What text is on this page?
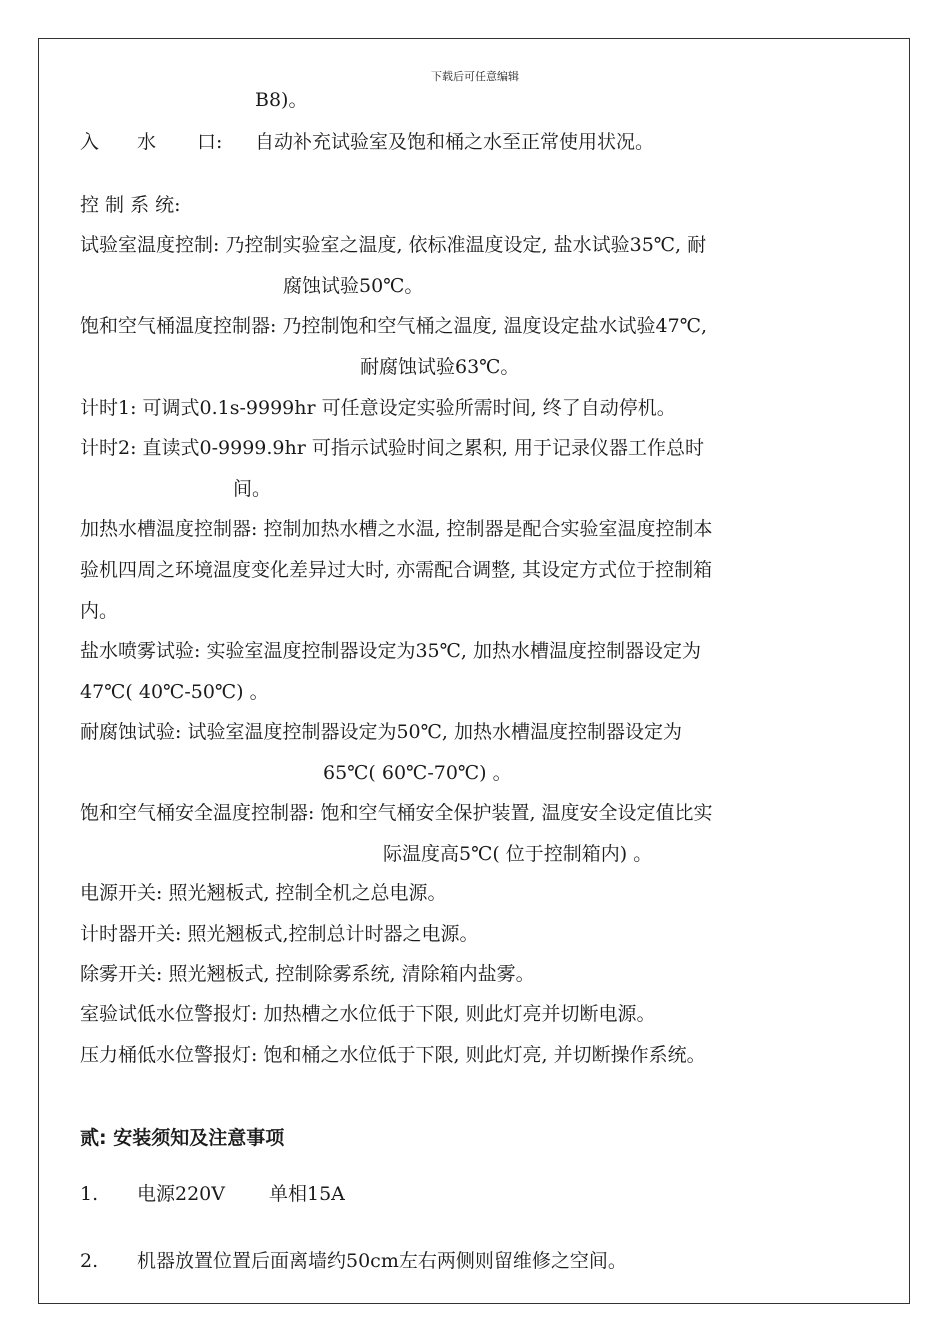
下载后可任意编辑
B8)。
入 水 口: 自动补充试验室及饱和桶之水至正常使用状况。
控 制 系 统:
试验室温度控制: 乃控制实验室之温度, 依标准温度设定, 盐水试验35℃, 耐
腐蚀试验50℃。
饱和空气桶温度控制器: 乃控制饱和空气桶之温度, 温度设定盐水试验47℃,
耐腐蚀试验63℃。
计时1: 可调式0.1s-9999hr 可任意设定实验所需时间, 终了自动停机。
计时2: 直读式0-9999.9hr 可指示试验时间之累积, 用于记录仪器工作总时
间。
加热水槽温度控制器: 控制加热水槽之水温, 控制器是配合实验室温度控制本
验机四周之环境温度变化差异过大时, 亦需配合调整, 其设定方式位于控制箱
内。
盐水喷雾试验: 实验室温度控制器设定为35℃, 加热水槽温度控制器设定为
47℃( 40℃-50℃) 。
耐腐蚀试验: 试验室温度控制器设定为50℃, 加热水槽温度控制器设定为
65℃( 60℃-70℃) 。
饱和空气桶安全温度控制器: 饱和空气桶安全保护装置, 温度安全设定值比实
际温度高5℃( 位于控制箱内) 。
电源开关: 照光翘板式, 控制全机之总电源。
计时器开关: 照光翘板式,控制总计时器之电源。
除雾开关: 照光翘板式, 控制除雾系统, 清除箱内盐雾。
室验试低水位警报灯: 加热槽之水位低于下限, 则此灯亮并切断电源。
压力桶低水位警报灯: 饱和桶之水位低于下限, 则此灯亮, 并切断操作系统。
贰: 安装须知及注意事项
1. 电源220V 单相15A
2. 机器放置位置后面离墙约50cm左右两侧则留维修之空间。
